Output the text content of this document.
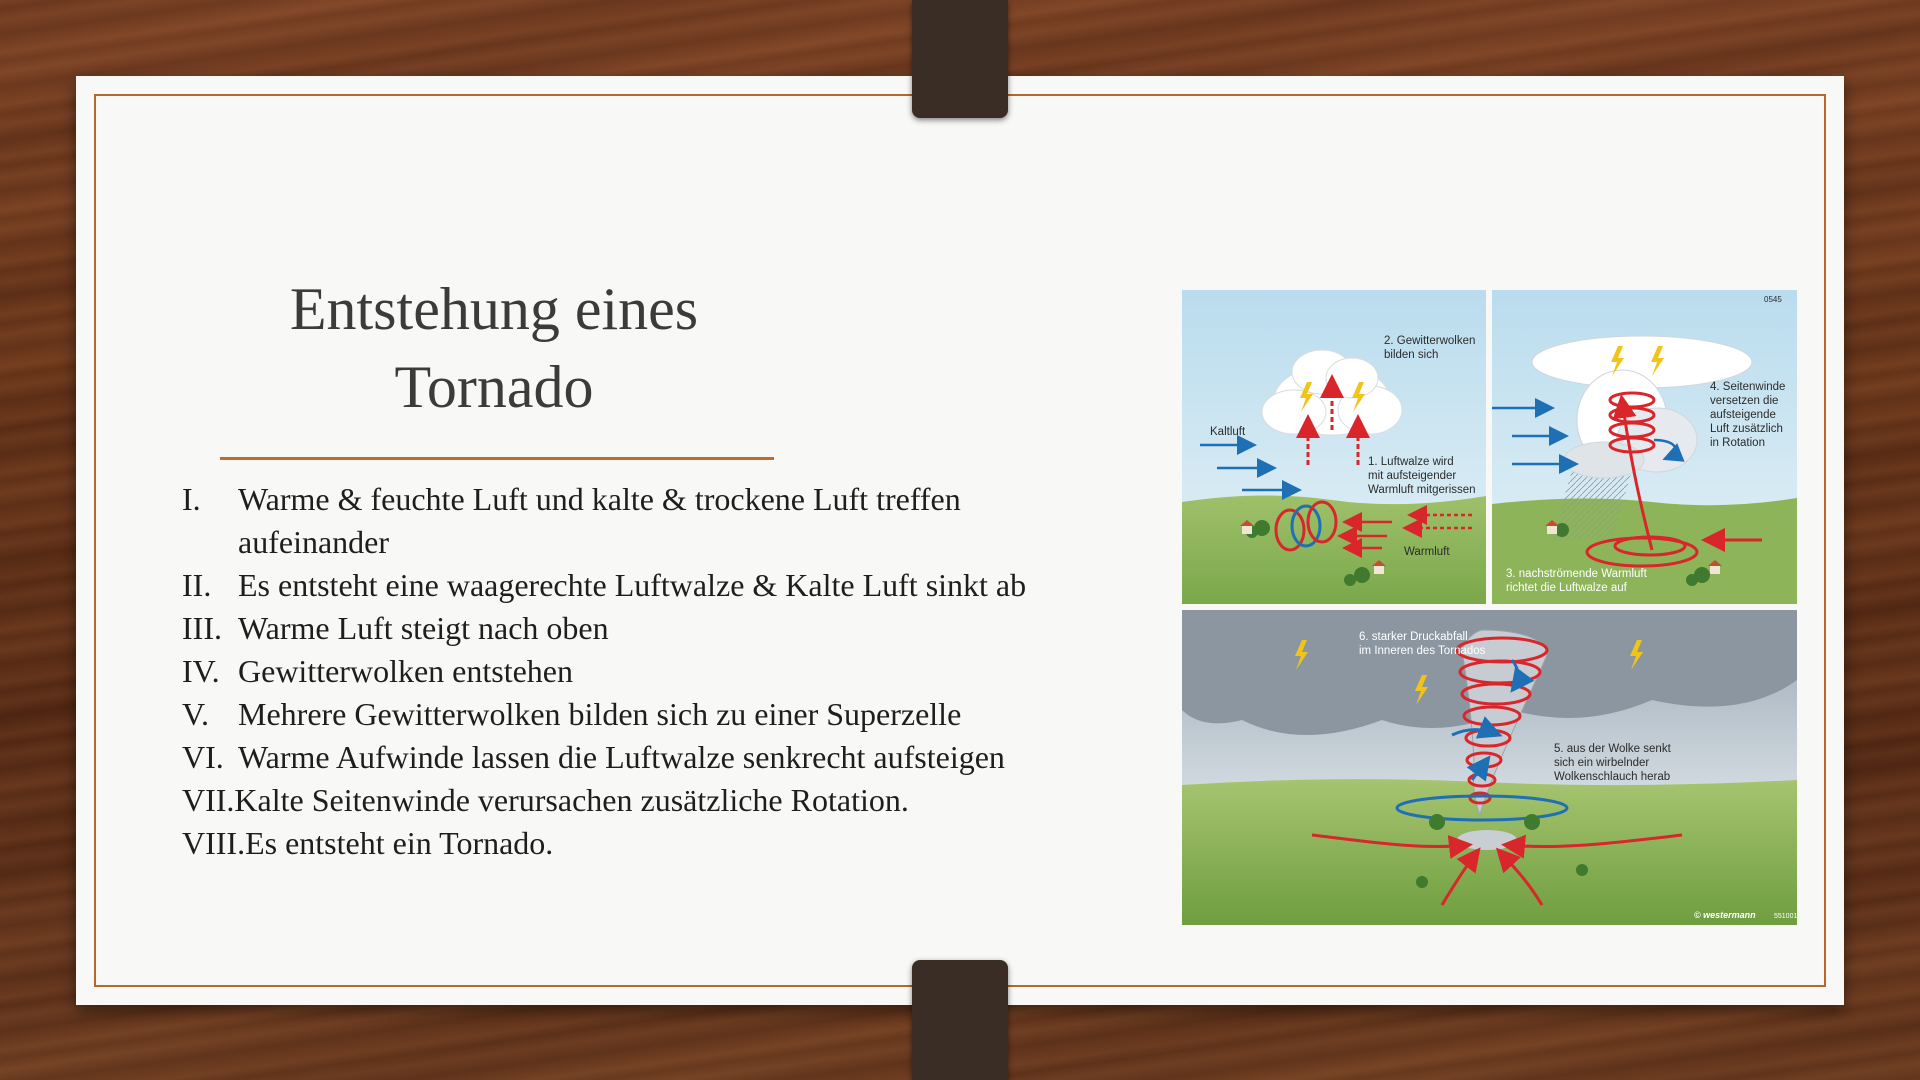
Entstehung eines
Tornado
I.	Warme & feuchte Luft und kalte & trockene Luft treffen aufeinander
II. Es entsteht eine waagerechte Luftwalze & Kalte Luft sinkt ab
III. Warme Luft steigt nach oben
IV. Gewitterwolken entstehen
V. Mehrere Gewitterwolken bilden sich zu einer Superzelle
VI. Warme Aufwinde lassen die Luftwalze senkrecht aufsteigen
VII. Kalte Seitenwinde verursachen zusätzliche Rotation.
VIII. Es entsteht ein Tornado.
Kaltluft
2. Gewitterwolken
bilden sich
1. Luftwalze wird
mit aufsteigender
Warmluft mitgerissen
Warmluft
0545
4. Seitenwinde
versetzen die
aufsteigende
Luft zusätzlich
in Rotation
3. nachströmende Warmluft
richtet die Luftwalze auf
6. starker Druckabfall
im Inneren des Tornados
5. aus der Wolke senkt
sich ein wirbelnder
Wolkenschlauch herab
© westermann	551001
